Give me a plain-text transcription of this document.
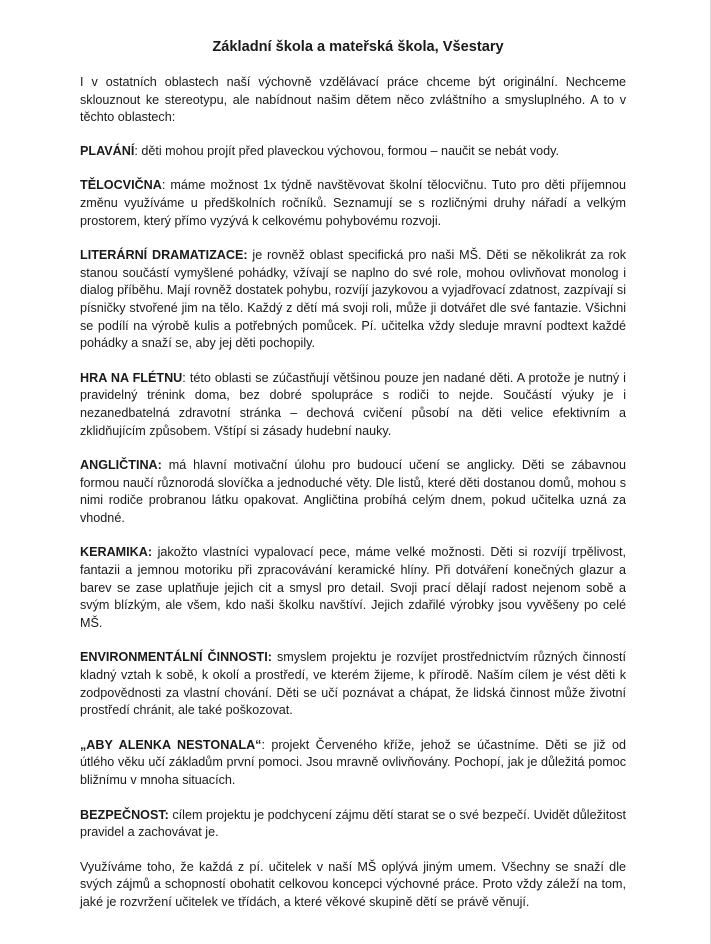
Základní škola a mateřská škola, Všestary

I v ostatních oblastech naší výchovně vzdělávací práce chceme být originální. Nechceme sklouznout ke stereotypu, ale nabídnout našim dětem něco zvláštního a smysluplného. A to v těchto oblastech:

PLAVÁNÍ: děti mohou projít před plaveckou výchovou, formou – naučit se nebát vody.

TĚLOCVIČNA: máme možnost 1x týdně navštěvovat školní tělocvičnu. Tuto pro děti příjemnou změnu využíváme u předškolních ročníků. Seznamují se s rozličnými druhy nářadí a velkým prostorem, který přímo vyzývá k celkovému pohybovému rozvoji.

LITERÁRNÍ DRAMATIZACE: je rovněž oblast specifická pro naši MŠ. Děti se několikrát za rok stanou součástí vymyšlené pohádky, vžívají se naplno do své role, mohou ovlivňovat monolog i dialog příběhu. Mají rovněž dostatek pohybu, rozvíjí jazykovou a vyjadřovací zdatnost, zazpívají si písničky stvořené jim na tělo. Každý z dětí má svoji roli, může ji dotvářet dle své fantazie. Všichni se podílí na výrobě kulis a potřebných pomůcek. Pí. učitelka vždy sleduje mravní podtext každé pohádky a snaží se, aby jej děti pochopily.

HRA NA FLÉTNU: této oblasti se zúčastňují většinou pouze jen nadané děti. A protože je nutný i pravidelný trénink doma, bez dobré spolupráce s rodiči to nejde. Součástí výuky je i nezanedbatelná zdravotní stránka – dechová cvičení působí na děti velice efektivním a zklidňujícím způsobem. Vštípí si zásady hudební nauky.

ANGLIČTINA: má hlavní motivační úlohu pro budoucí učení se anglicky. Děti se zábavnou formou naučí různorodá slovíčka a jednoduché věty. Dle listů, které děti dostanou domů, mohou s nimi rodiče probranou látku opakovat. Angličtina probíhá celým dnem, pokud učitelka uzná za vhodné.

KERAMIKA: jakožto vlastníci vypalovací pece, máme velké možnosti. Děti si rozvíjí trpělivost, fantazii a jemnou motoriku při zpracovávání keramické hlíny. Při dotváření konečných glazur a barev se zase uplatňuje jejich cit a smysl pro detail. Svoji prací dělají radost nejenom sobě a svým blízkým, ale všem, kdo naši školku navštíví. Jejich zdařilé výrobky jsou vyvěšeny po celé MŠ.

ENVIRONMENTÁLNÍ ČINNOSTI: smyslem projektu je rozvíjet prostřednictvím různých činností kladný vztah k sobě, k okolí a prostředí, ve kterém žijeme, k přírodě. Naším cílem je vést děti k zodpovědnosti za vlastní chování. Děti se učí poznávat a chápat, že lidská činnost může životní prostředí chránit, ale také poškozovat.

„ABY ALENKA NESTONALA“: projekt Červeného kříže, jehož se účastníme. Děti se již od útlého věku učí základům první pomoci. Jsou mravně ovlivňovány. Pochopí, jak je důležitá pomoc bližnímu v mnoha situacích.

BEZPEČNOST: cílem projektu je podchycení zájmu dětí starat se o své bezpečí. Uvidět důležitost pravidel a zachovávat je.

Využíváme toho, že každá z pí. učitelek v naší MŠ oplývá jiným umem. Všechny se snaží dle svých zájmů a schopností obohatit celkovou koncepci výchovné práce. Proto vždy záleží na tom, jaké je rozvržení učitelek ve třídách, a které věkové skupině dětí se právě věnují.
